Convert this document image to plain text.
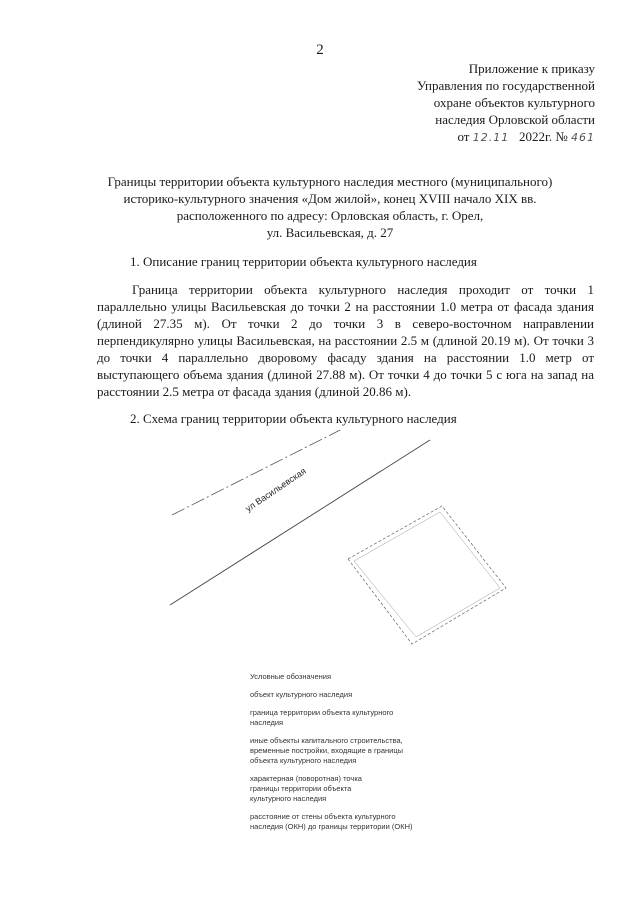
2
Приложение к приказу
Управления по государственной
охране объектов культурного
наследия Орловской области
от 12.11 2022г. № 461
Границы территории объекта культурного наследия местного (муниципального)
историко-культурного значения «Дом жилой», конец XVIII начало XIX вв.
расположенного по адресу: Орловская область, г. Орел,
ул. Васильевская, д. 27
1. Описание границ территории объекта культурного наследия

Граница территории объекта культурного наследия проходит от точки 1 параллельно улицы Васильевская до точки 2 на расстоянии 1.0 метра от фасада здания (длиной 27.35 м). От точки 2 до точки 3 в северо-восточном направлении перпендикулярно улицы Васильевская, на расстоянии 2.5 м (длиной 20.19 м). От точки 3 до точки 4 параллельно дворовому фасаду здания на расстоянии 1.0 метр от выступающего объема здания (длиной 27.88 м). От точки 4 до точки 5 с юга на запад на расстоянии 2.5 метра от фасада здания (длиной 20.86 м).

2. Схема границ территории объекта культурного наследия
ул Васильевская
Условные обозначения
объект культурного наследия
граница территории объекта культурного
наследия
иные объекты капитального строительства,
временные постройки, входящие в границы
объекта культурного наследия
характерная (поворотная) точка
границы территории объекта
культурного наследия
расстояние от стены объекта культурного
наследия (ОКН) до границы территории (ОКН)
